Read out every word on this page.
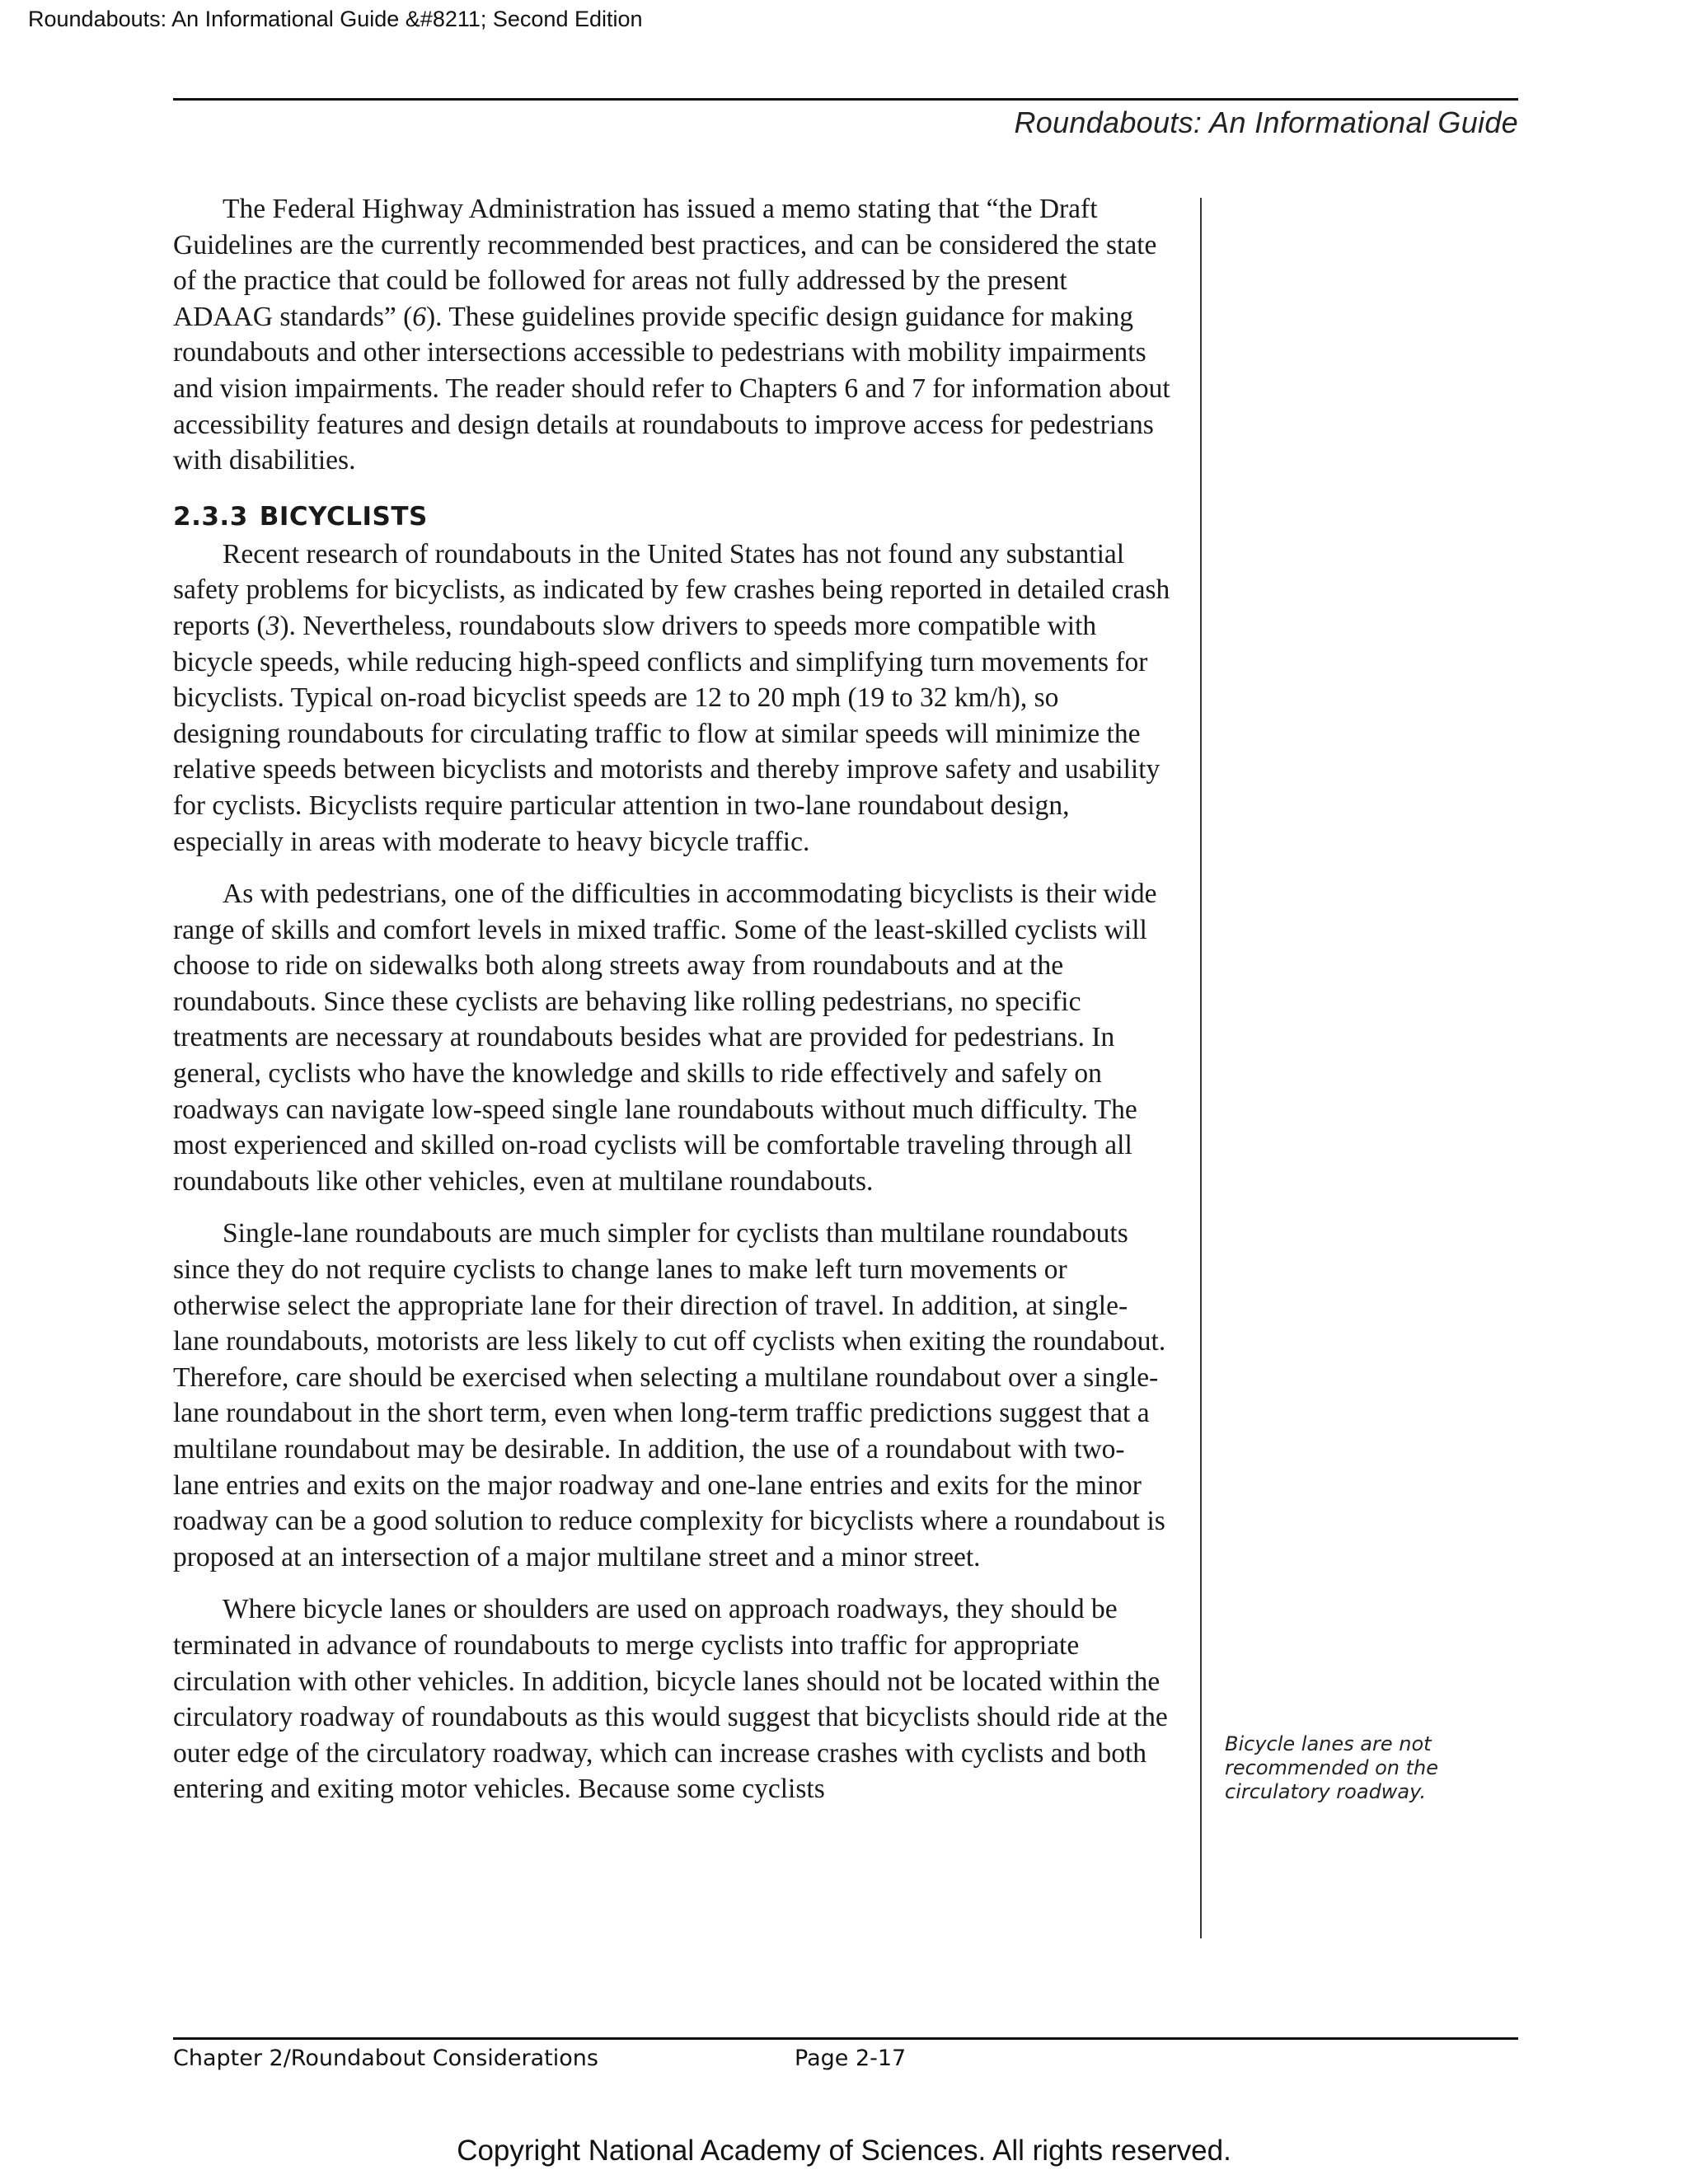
Roundabouts: An Informational Guide &#8211; Second Edition
Roundabouts: An Informational Guide

The Federal Highway Administration has issued a memo stating that “the Draft Guidelines are the currently recommended best practices, and can be considered the state of the practice that could be followed for areas not fully addressed by the present ADAAG standards” (6). These guidelines provide specific design guidance for making roundabouts and other intersections accessible to pedestrians with mobility impairments and vision impairments. The reader should refer to Chapters 6 and 7 for information about accessibility features and design details at roundabouts to improve access for pedestrians with disabilities.

2.3.3 BICYCLISTS

Recent research of roundabouts in the United States has not found any substantial safety problems for bicyclists, as indicated by few crashes being reported in detailed crash reports (3). Nevertheless, roundabouts slow drivers to speeds more compatible with bicycle speeds, while reducing high-speed conflicts and simplifying turn movements for bicyclists. Typical on-road bicyclist speeds are 12 to 20 mph (19 to 32 km/h), so designing roundabouts for circulating traffic to flow at similar speeds will minimize the relative speeds between bicyclists and motorists and thereby improve safety and usability for cyclists. Bicyclists require particular attention in two-lane roundabout design, especially in areas with moderate to heavy bicycle traffic.

As with pedestrians, one of the difficulties in accommodating bicyclists is their wide range of skills and comfort levels in mixed traffic. Some of the least-skilled cyclists will choose to ride on sidewalks both along streets away from roundabouts and at the roundabouts. Since these cyclists are behaving like rolling pedestrians, no specific treatments are necessary at roundabouts besides what are provided for pedestrians. In general, cyclists who have the knowledge and skills to ride effectively and safely on roadways can navigate low-speed single lane roundabouts without much difficulty. The most experienced and skilled on-road cyclists will be comfortable traveling through all roundabouts like other vehicles, even at multilane roundabouts.

Single-lane roundabouts are much simpler for cyclists than multilane roundabouts since they do not require cyclists to change lanes to make left turn movements or otherwise select the appropriate lane for their direction of travel. In addition, at single-lane roundabouts, motorists are less likely to cut off cyclists when exiting the roundabout. Therefore, care should be exercised when selecting a multilane roundabout over a single-lane roundabout in the short term, even when long-term traffic predictions suggest that a multilane roundabout may be desirable. In addition, the use of a roundabout with two-lane entries and exits on the major roadway and one-lane entries and exits for the minor roadway can be a good solution to reduce complexity for bicyclists where a roundabout is proposed at an intersection of a major multilane street and a minor street.

Where bicycle lanes or shoulders are used on approach roadways, they should be terminated in advance of roundabouts to merge cyclists into traffic for appropriate circulation with other vehicles. In addition, bicycle lanes should not be located within the circulatory roadway of roundabouts as this would suggest that bicyclists should ride at the outer edge of the circulatory roadway, which can increase crashes with cyclists and both entering and exiting motor vehicles. Because some cyclists

Bicycle lanes are not recommended on the circulatory roadway.
Chapter 2/Roundabout Considerations	Page 2-17
Copyright National Academy of Sciences. All rights reserved.
